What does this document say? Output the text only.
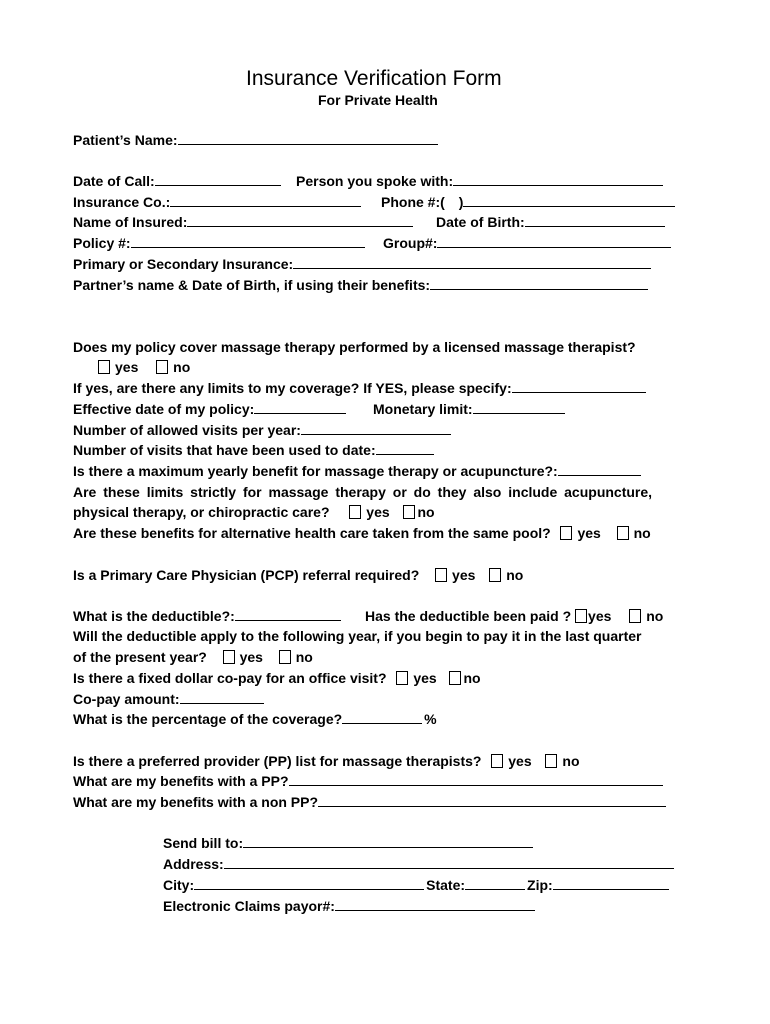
Insurance Verification Form
For Private Health
Patient’s Name:
Date of Call:	Person you spoke with:
Insurance Co.:	Phone #:( )
Name of Insured:	Date of Birth:
Policy #:	Group#:
Primary or Secondary Insurance:
Partner’s name & Date of Birth, if using their benefits:
Does my policy cover massage therapy performed by a licensed massage therapist?
yes no
If yes, are there any limits to my coverage? If YES, please specify:
Effective date of my policy:	Monetary limit:
Number of allowed visits per year:
Number of visits that have been used to date:
Is there a maximum yearly benefit for massage therapy or acupuncture?:
Are these limits strictly for massage therapy or do they also include acupuncture,
physical therapy, or chiropractic care?	yes no
Are these benefits for alternative health care taken from the same pool? yes no
Is a Primary Care Physician (PCP) referral required? yes no
What is the deductible?:	Has the deductible been paid ? yes no
Will the deductible apply to the following year, if you begin to pay it in the last quarter
of the present year? yes no
Is there a fixed dollar co-pay for an office visit? yes no
Co-pay amount:
What is the percentage of the coverage?	%
Is there a preferred provider (PP) list for massage therapists? yes no
What are my benefits with a PP?
What are my benefits with a non PP?
Send bill to:
Address:
City:	State:	Zip:
Electronic Claims payor#:
